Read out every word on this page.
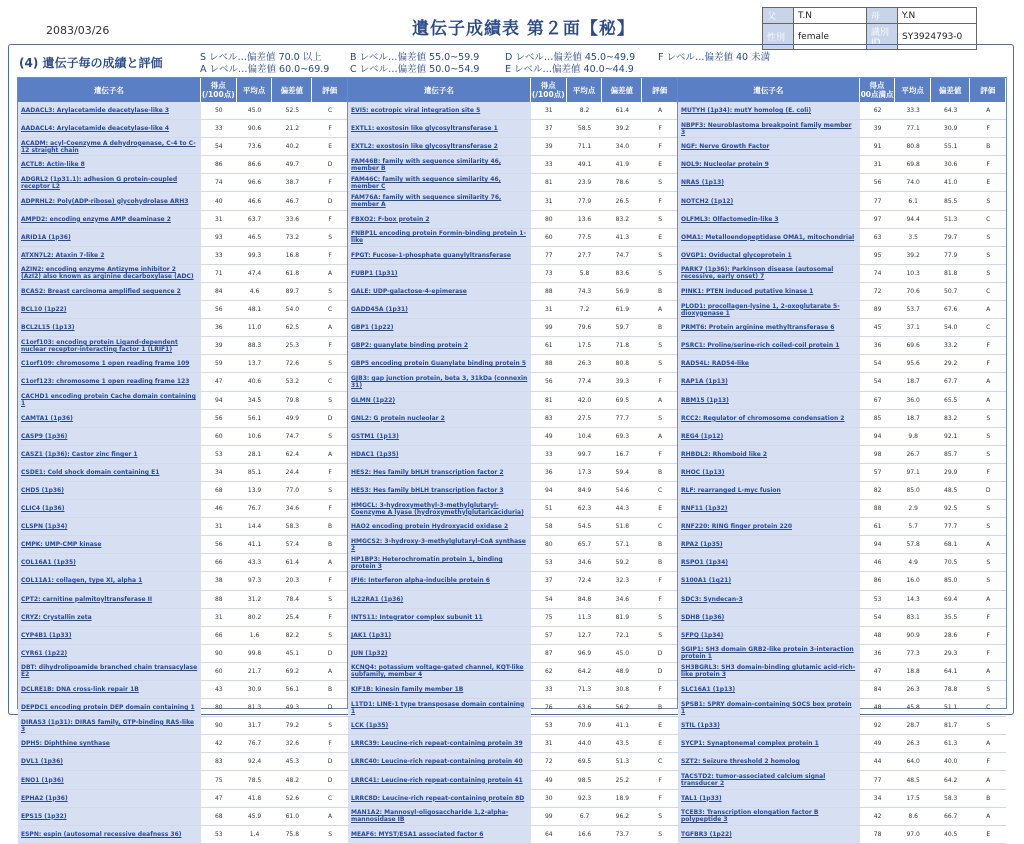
2083/03/26	遺伝子成績表 第２面【秘】
父	T.N	母	Y.N
性別	female	識別ID	SY3924793-0
(4) 遺伝子毎の成績と評価	S レベル…偏差値 70.0 以上
A レベル…偏差値 60.0~69.9
B レベル…偏差値 55.0~59.9
C レベル…偏差値 50.0~54.9
D レベル…偏差値 45.0~49.9
E レベル…偏差値 40.0~44.9
F レベル…偏差値 40 未満
遺伝子名	得点
(/100点)	平均点	偏差値	評価
AADACL3: Arylacetamide deacetylase-like 3	50	45.0	52.5	C
AADACL4: Arylacetamide deacetylase-like 4	33	90.6	21.2	F
ACADM: acyl-Coenzyme A dehydrogenase, C-4 to C-12 straight chain	54	73.6	40.2	E
ACTL8: Actin-like 8	86	86.6	49.7	D
ADGRL2 (1p31.1): adhesion G protein-coupled receptor L2	74	96.6	38.7	F
ADPRHL2: Poly(ADP-ribose) glycohydrolase ARH3	40	46.6	46.7	D
AMPD2: encoding enzyme AMP deaminase 2	31	63.7	33.6	F
ARID1A (1p36)	93	46.5	73.2	S
ATXN7L2: Ataxin 7-like 2	33	99.3	16.8	F
AZIN2: encoding enzyme Antizyme inhibitor 2 (AzI2) also known as arginine decarboxylase (ADC)	71	47.4	61.8	A
BCAS2: Breast carcinoma amplified sequence 2	84	4.6	89.7	S
BCL10 (1p22)	56	48.1	54.0	C
BCL2L15 (1p13)	36	11.0	62.5	A
C1orf103: encoding protein Ligand-dependent nuclear receptor-interacting factor 1 (LRIF1)	39	88.3	25.3	F
C1orf109: chromosome 1 open reading frame 109	59	13.7	72.6	S
C1orf123: chromosome 1 open reading frame 123	47	40.6	53.2	C
CACHD1 encoding protein Cache domain containing 1	94	34.5	79.8	S
CAMTA1 (1p36)	56	56.1	49.9	D
CASP9 (1p36)	60	10.6	74.7	S
CASZ1 (1p36): Castor zinc finger 1	53	28.1	62.4	A
CSDE1: Cold shock domain containing E1	34	85.1	24.4	F
CHD5 (1p36)	68	13.9	77.0	S
CLIC4 (1p36)	46	76.7	34.6	F
CLSPN (1p34)	31	14.4	58.3	B
CMPK: UMP-CMP kinase	56	41.1	57.4	B
COL16A1 (1p35)	66	43.3	61.4	A
COL11A1: collagen, type XI, alpha 1	38	97.3	20.3	F
CPT2: carnitine palmitoyltransferase II	88	31.2	78.4	S
CRYZ: Crystallin zeta	31	80.2	25.4	F
CYP4B1 (1p33)	66	1.6	82.2	S
CYR61 (1p22)	90	99.8	45.1	D
DBT: dihydrolipoamide branched chain transacylase E2	60	21.7	69.2	A
DCLRE1B: DNA cross-link repair 1B	43	30.9	56.1	B
DEPDC1 encoding protein DEP domain containing 1	80	81.3	49.3	D
DIRAS3 (1p31): DIRAS family, GTP-binding RAS-like 3	90	31.7	79.2	S
DPH5: Diphthine synthase	42	76.7	32.6	F
DVL1 (1p36)	83	92.4	45.3	D
ENO1 (1p36)	75	78.5	48.2	D
EPHA2 (1p36)	47	41.8	52.6	C
EPS15 (1p32)	68	45.9	61.0	A
ESPN: espin (autosomal recessive deafness 36)	53	1.4	75.8	S
遺伝子名	得点
(/100点)	平均点	偏差値	評価
EVI5: ecotropic viral integration site 5	31	8.2	61.4	A
EXTL1: exostosin like glycosyltransferase 1	37	58.5	39.2	F
EXTL2: exostosin like glycosyltransferase 2	39	71.1	34.0	F
FAM46B: family with sequence similarity 46, member B	33	49.1	41.9	E
FAM46C: family with sequence similarity 46, member C	81	23.9	78.6	S
FAM76A: family with sequence similarity 76, member A	31	77.9	26.5	F
FBXO2: F-box protein 2	80	13.6	83.2	S
FNBP1L encoding protein Formin-binding protein 1-like	60	77.5	41.3	E
FPGT: Fucose-1-phosphate guanylyltransferase	77	27.7	74.7	S
FUBP1 (1p31)	73	5.8	83.6	S
GALE: UDP-galactose-4-epimerase	88	74.3	56.9	B
GADD45A (1p31)	31	7.2	61.9	A
GBP1 (1p22)	99	79.6	59.7	B
GBP2: guanylate binding protein 2	61	17.5	71.8	S
GBP5 encoding protein Guanylate binding protein 5	88	26.3	80.8	S
GJB3: gap junction protein, beta 3, 31kDa (connexin 31)	56	77.4	39.3	F
GLMN (1p22)	81	42.0	69.5	A
GNL2: G protein nucleolar 2	83	27.5	77.7	S
GSTM1 (1p13)	49	10.4	69.3	A
HDAC1 (1p35)	33	99.7	16.7	F
HES2: Hes family bHLH transcription factor 2	36	17.3	59.4	B
HES3: Hes family bHLH transcription factor 3	94	84.9	54.6	C
HMGCL: 3-hydroxymethyl-3-methylglutaryl-Coenzyme A lyase (hydroxymethylglutaricaciduria)	51	62.3	44.3	E
HAO2 encoding protein Hydroxyacid oxidase 2	58	54.5	51.8	C
HMGCS2: 3-hydroxy-3-methylglutaryl-CoA synthase 2	80	65.7	57.1	B
HP1BP3: Heterochromatin protein 1, binding protein 3	53	34.6	59.2	B
IFI6: Interferon alpha-inducible protein 6	37	72.4	32.3	F
IL22RA1 (1p36)	54	84.8	34.6	F
INTS11: Integrator complex subunit 11	75	11.3	81.9	S
JAK1 (1p31)	57	12.7	72.1	S
JUN (1p32)	87	96.9	45.0	D
KCNQ4: potassium voltage-gated channel, KQT-like subfamily, member 4	62	64.2	48.9	D
KIF1B: kinesin family member 1B	33	71.3	30.8	F
L1TD1: LINE-1 type transposase domain containing 1	76	63.6	56.2	B
LCK (1p35)	53	70.9	41.1	E
LRRC39: Leucine-rich repeat-containing protein 39	31	44.0	43.5	E
LRRC40: Leucine-rich repeat-containing protein 40	72	69.5	51.3	C
LRRC41: Leucine-rich repeat-containing protein 41	49	98.5	25.2	F
LRRC8D: Leucine-rich repeat-containing protein 8D	30	92.3	18.9	F
MAN1A2: Mannosyl-oligosaccharide 1,2-alpha-mannosidase IB	99	6.7	96.2	S
MEAF6: MYST/ESA1 associated factor 6	64	16.6	73.7	S
遺伝子名	得点
00点満点	平均点	偏差値	評価
MUTYH (1p34): mutY homolog (E. coli)	62	33.3	64.3	A
NBPF3: Neuroblastoma breakpoint family member 3	39	77.1	30.9	F
NGF: Nerve Growth Factor	91	80.8	55.1	B
NOL9: Nucleolar protein 9	31	69.8	30.6	F
NRAS (1p13)	56	74.0	41.0	E
NOTCH2 (1p12)	77	6.1	85.5	S
OLFML3: Olfactomedin-like 3	97	94.4	51.3	C
OMA1: Metalloendopeptidase OMA1, mitochondrial	63	3.5	79.7	S
OVGP1: Oviductal glycoprotein 1	95	39.2	77.9	S
PARK7 (1p36): Parkinson disease (autosomal recessive, early onset) 7	74	10.3	81.8	S
PINK1: PTEN induced putative kinase 1	72	70.6	50.7	C
PLOD1: procollagen-lysine 1, 2-oxoglutarate 5-dioxygenase 1	89	53.7	67.6	A
PRMT6: Protein arginine methyltransferase 6	45	37.1	54.0	C
PSRC1: Proline/serine-rich coiled-coil protein 1	36	69.6	33.2	F
RAD54L: RAD54-like	54	95.6	29.2	F
RAP1A (1p13)	54	18.7	67.7	A
RBM15 (1p13)	67	36.0	65.5	A
RCC2: Regulator of chromosome condensation 2	85	18.7	83.2	S
REG4 (1p12)	94	9.8	92.1	S
RHBDL2: Rhomboid like 2	98	26.7	85.7	S
RHOC (1p13)	57	97.1	29.9	F
RLF: rearranged L-myc fusion	82	85.0	48.5	D
RNF11 (1p32)	88	2.9	92.5	S
RNF220: RING finger protein 220	61	5.7	77.7	S
RPA2 (1p35)	94	57.8	68.1	A
RSPO1 (1p34)	46	4.9	70.5	S
S100A1 (1q21)	86	16.0	85.0	S
SDC3: Syndecan-3	53	14.3	69.4	A
SDHB (1p36)	54	83.1	35.5	F
SFPQ (1p34)	48	90.9	28.6	F
SGIP1: SH3 domain GRB2-like protein 3-interaction protein 1	36	77.3	29.3	F
SH3BGRL3: SH3 domain-binding glutamic acid-rich-like protein 3	47	18.8	64.1	A
SLC16A1 (1p13)	84	26.3	78.8	S
SPSB1: SPRY domain-containing SOCS box protein 1	48	45.8	51.1	C
STIL (1p33)	92	28.7	81.7	S
SYCP1: Synaptonemal complex protein 1	49	26.3	61.3	A
SZT2: Seizure threshold 2 homolog	44	64.0	40.0	F
TACSTD2: tumor-associated calcium signal transducer 2	77	48.5	64.2	A
TAL1 (1p33)	34	17.5	58.3	B
TCEB3: Transcription elongation factor B polypeptide 3	42	8.6	66.7	A
TGFBR3 (1p22)	78	97.0	40.5	E
